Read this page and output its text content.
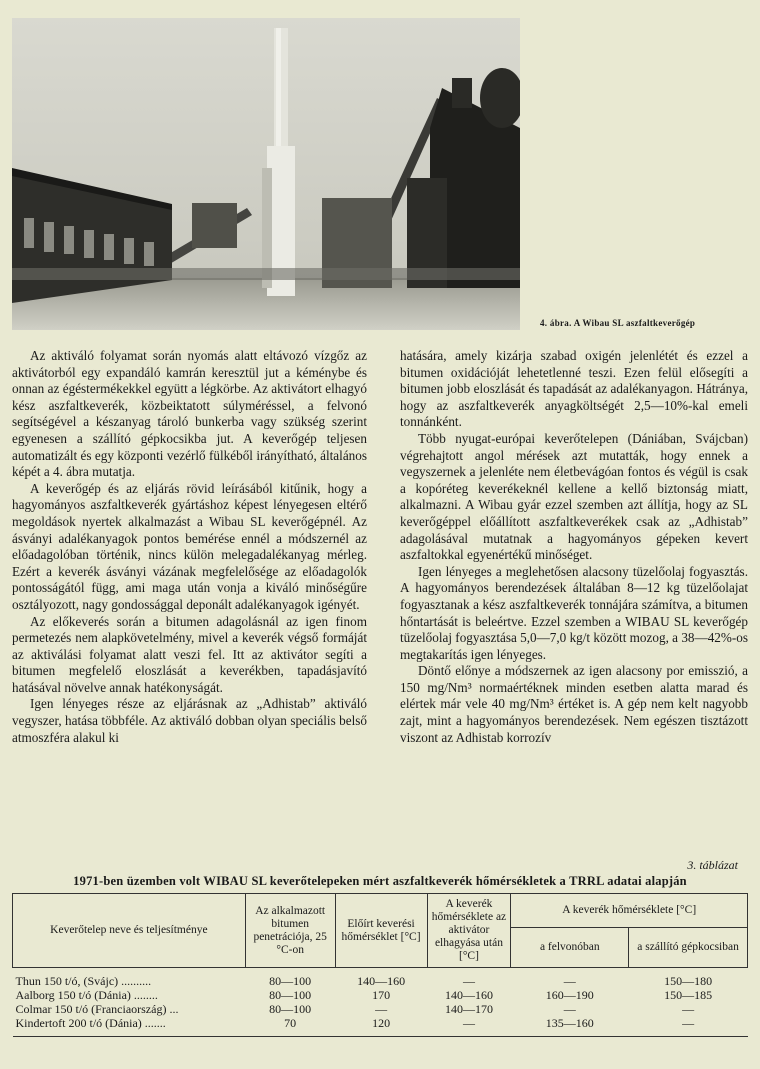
4. ábra. A Wibau SL aszfaltkeverőgép

Az aktiváló folyamat során nyomás alatt eltávozó vízgőz az aktivátorból egy expandáló kamrán keresztül jut a kéménybe és onnan az égéstermékekkel együtt a légkörbe. Az aktivátort elhagyó kész aszfaltkeverék, közbeiktatott súlyméréssel, a felvonó segítségével a készanyag tároló bunkerba vagy szükség szerint egyenesen a szállító gépkocsikba jut. A keverőgép teljesen automatizált és egy központi vezérlő fülkéből irányítható, általános képét a 4. ábra mutatja.

A keverőgép és az eljárás rövid leírásából kitűnik, hogy a hagyományos aszfaltkeverék gyártáshoz képest lényegesen eltérő megoldások nyertek alkalmazást a Wibau SL keverőgépnél. Az ásványi adalékanyagok pontos bemérése ennél a módszernél az előadagolóban történik, nincs külön melegadalékanyag mérleg. Ezért a keverék ásványi vázának megfelelősége az előadagolók pontosságától függ, ami maga után vonja a kiváló minőségűre osztályozott, nagy gondossággal deponált adalékanyagok igényét.

Az előkeverés során a bitumen adagolásnál az igen finom permetezés nem alapkövetelmény, mivel a keverék végső formáját az aktiválási folyamat alatt veszi fel. Itt az aktivátor segíti a bitumen megfelelő eloszlását a keverékben, tapadásjavító hatásával növelve annak hatékonyságát.

Igen lényeges része az eljárásnak az „Adhistab” aktiváló vegyszer, hatása többféle. Az aktiváló dobban olyan speciális belső atmoszféra alakul ki

hatására, amely kizárja szabad oxigén jelenlétét és ezzel a bitumen oxidációját lehetetlenné teszi. Ezen felül elősegíti a bitumen jobb eloszlását és tapadását az adalékanyagon. Hátránya, hogy az aszfaltkeverék anyagköltségét 2,5—10%-kal emeli tonnánként.

Több nyugat-európai keverőtelepen (Dániában, Svájcban) végrehajtott angol mérések azt mutatták, hogy ennek a vegyszernek a jelenléte nem életbevágóan fontos és végül is csak a kopóréteg keverékeknél kellene a kellő biztonság miatt, alkalmazni. A Wibau gyár ezzel szemben azt állítja, hogy az SL keverőgéppel előállított aszfaltkeverékek csak az „Adhistab” adagolásával mutatnak a hagyományos gépeken kevert aszfaltokkal egyenértékű minőséget.

Igen lényeges a meglehetősen alacsony tüzelőolaj fogyasztás. A hagyományos berendezések általában 8—12 kg tüzelőolajat fogyasztanak a kész aszfaltkeverék tonnájára számítva, a bitumen hőntartását is beleértve. Ezzel szemben a WIBAU SL keverőgép tüzelőolaj fogyasztása 5,0—7,0 kg/t között mozog, a 38—42%-os megtakarítás igen lényeges.

Döntő előnye a módszernek az igen alacsony por emisszió, a 150 mg/Nm³ normaértéknek minden esetben alatta marad és elértek már vele 40 mg/Nm³ értéket is. A gép nem kelt nagyobb zajt, mint a hagyományos berendezések. Nem egészen tisztázott viszont az Adhistab korrozív

3. táblázat
1971-ben üzemben volt WIBAU SL keverőtelepeken mért aszfaltkeverék hőmérsékletek a TRRL adatai alapján
Keverőtelep neve és teljesítménye	Az alkalmazott bitumen penetrációja, 25 °C-on	Előírt keverési hőmérséklet [°C]	A keverék hőmérséklete az aktivátor elhagyása után [°C]	A keverék hőmérséklete [°C]	
				a felvonóban	a szállító gépkocsiban
Thun 150 t/ó, (Svájc) ..........	80—100	140—160	—	—	150—180
Aalborg 150 t/ó (Dánia) ........	80—100	170	140—160	160—190	150—185
Colmar 150 t/ó (Franciaország) ...	80—100	—	140—170	—	—
Kindertoft 200 t/ó (Dánia) .......	70	120	—	135—160	—
